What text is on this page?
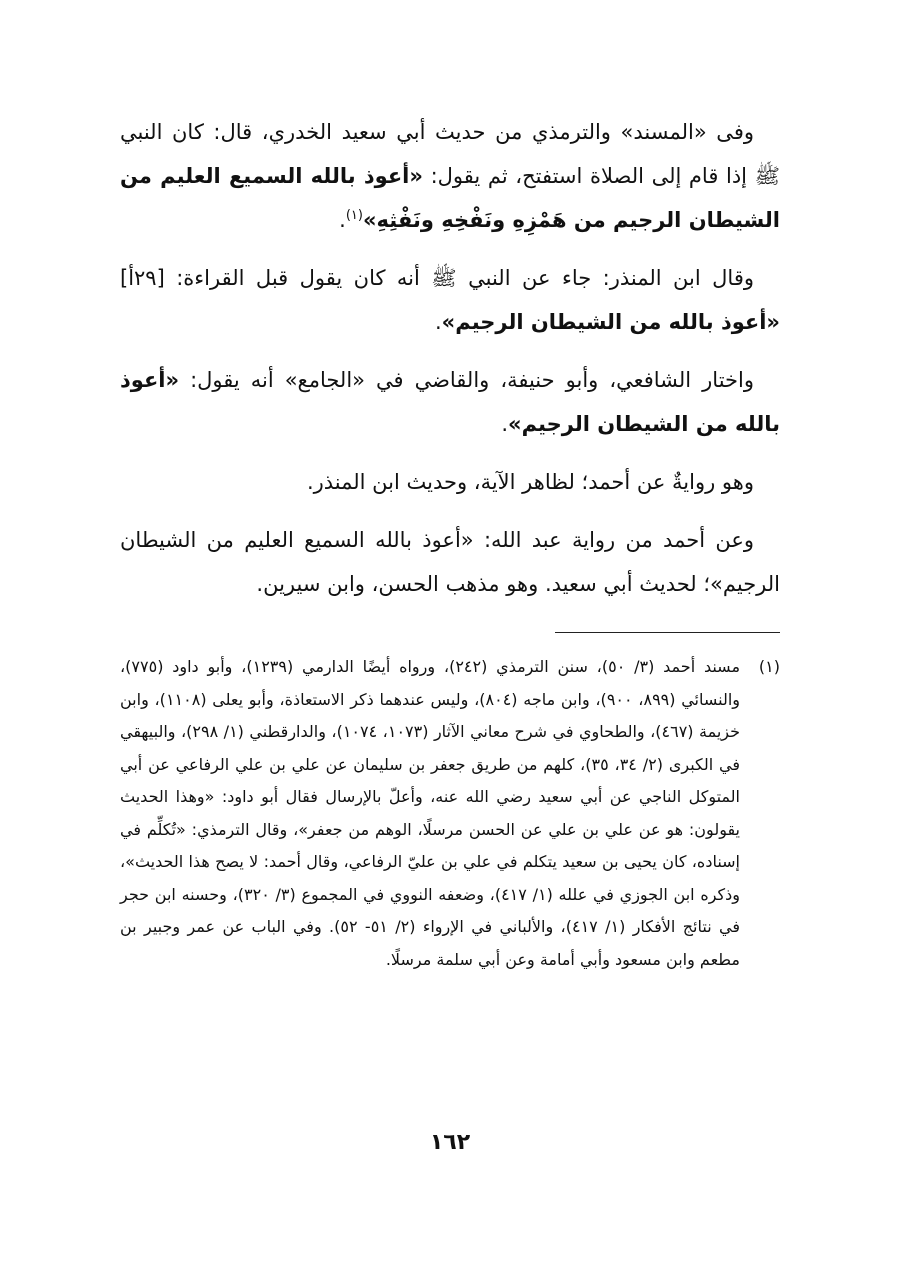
وفى «المسند» والترمذي من حديث أبي سعيد الخدري، قال: كان النبي ﷺ إذا قام إلى الصلاة استفتح، ثم يقول: «أعوذ بالله السميع العليم من الشيطان الرجيم من هَمْزِهِ ونَفْخِهِ ونَفْثِهِ»$^{(١)}$.

وقال ابن المنذر: جاء عن النبي ﷺ أنه كان يقول قبل القراءة: [٢٩أ] «أعوذ بالله من الشيطان الرجيم».

واختار الشافعي، وأبو حنيفة، والقاضي في «الجامع» أنه يقول: «أعوذ بالله من الشيطان الرجيم».

وهو روايةٌ عن أحمد؛ لظاهر الآية، وحديث ابن المنذر.

وعن أحمد من رواية عبد الله: «أعوذ بالله السميع العليم من الشيطان الرجيم»؛ لحديث أبي سعيد. وهو مذهب الحسن، وابن سيرين.

(١)
مسند أحمد (٣/ ٥٠)، سنن الترمذي (٢٤٢)، ورواه أيضًا الدارمي (١٢٣٩)، وأبو داود (٧٧٥)، والنسائي (٨٩٩، ٩٠٠)، وابن ماجه (٨٠٤)، وليس عندهما ذكر الاستعاذة، وأبو يعلى (١١٠٨)، وابن خزيمة (٤٦٧)، والطحاوي في شرح معاني الآثار (١٠٧٣، ١٠٧٤)، والدارقطني (١/ ٢٩٨)، والبيهقي في الكبرى (٢/ ٣٤، ٣٥)، كلهم من طريق جعفر بن سليمان عن علي بن علي الرفاعي عن أبي المتوكل الناجي عن أبي سعيد رضي الله عنه، وأعلّ بالإرسال فقال أبو داود: «وهذا الحديث يقولون: هو عن علي بن علي عن الحسن مرسلًا، الوهم من جعفر»، وقال الترمذي: «تُكلِّم في إسناده، كان يحيى بن سعيد يتكلم في علي بن عليّ الرفاعي، وقال أحمد: لا يصح هذا الحديث»، وذكره ابن الجوزي في علله (١/ ٤١٧)، وضعفه النووي في المجموع (٣/ ٣٢٠)، وحسنه ابن حجر في نتائج الأفكار (١/ ٤١٧)، والألباني في الإرواء (٢/ ٥١- ٥٢). وفي الباب عن عمر وجبير بن مطعم وابن مسعود وأبي أمامة وعن أبي سلمة مرسلًا.

١٦٢
